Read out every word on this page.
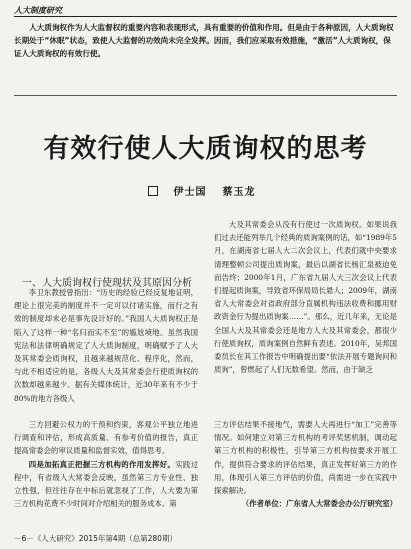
人大制度研究

人大质询权作为人大监督权的重要内容和表现形式，具有重要的价值和作用。但是由于各种原因，人大质询权长期处于“休眠”状态，致使人大监督的功效尚未完全发挥。因而，我们应采取有效措施，“激活”人大质询权，保证人大质询权的有效行使。

有效行使人大质询权的思考
伊士国 蔡玉龙
一、人大质询权行使现状及其原因分析

李卫东教授曾指出：“历史的经验已经反复地证明，理论上很完美的制度并不一定可以付诸实施，而行之有效的制度却未必是事先设计好的。”我国人大质询权正是陷入了这样一种“名归而实不至”的尴尬境地。虽然我国宪法和法律明确规定了人大质询制度，明确赋予了人大及其常委会质询权，且越来越规范化、程序化，然而，与此不相适应的是，各级人大及其常委会行使质询权的次数却越来越少。据有关媒体统计，近30年来有不少于80%的地方各级人

大及其常委会从没有行使过一次质询权。如果说我们过去还能列举几个经典的质询案例的话，如“1989年5月，在湖南省七届人大二次会议上，代表们就中央要求清理整顿公司提出质询案，最后以湖省长杨汇泉被迫免而告终；2000年1月，广东省九届人大三次会议上代表们提起质询案，导致省环保局局长悬人；2009年，湖南省人大常委会对省政府部分直属机构违法收费和挪用财政资金行为提出质询案……”。那么，近几年来，无论是全国人大及其常委会还是地方人大及其常委会，都很少行使质询权，质询案例自然鲜有表述。2010年，吴邦国委员长在其工作报告中明确提出要“依法开展专题询问和质询”，曾燃起了人们无数希望。然而，由于缺乏

三方回避公权力的干预和约束，客观公平独立地进行调查和评估，形成高质量、有参考价值的报告，真正提高常委会的审议质量和监督实效，值得思考。

四是加拓真正把握三方机构的作用发挥好。实践过程中，有省级人大常委会反映，虽然第三方专业性、独立性强，但往往存在中标后就忽视了工作，人大要为第三方机构花费不少时间对介绍相关的服务成本。第

三方评估结果不接地气，需要人大再进行“加工”完善等情况。如何建立对第三方机构的考评奖惩机制，调动起第三方机构的积极性，引导第三方机构按要求开展工作，提供符合要求的评估结果，真正发挥好第三方的作用，体现引入第三方评估的价值，尚需进一步在实践中探索解决。

（作者单位：广东省人大常委会办公厅研究室）

－6－《人大研究》2015年第4期（总第280期）
